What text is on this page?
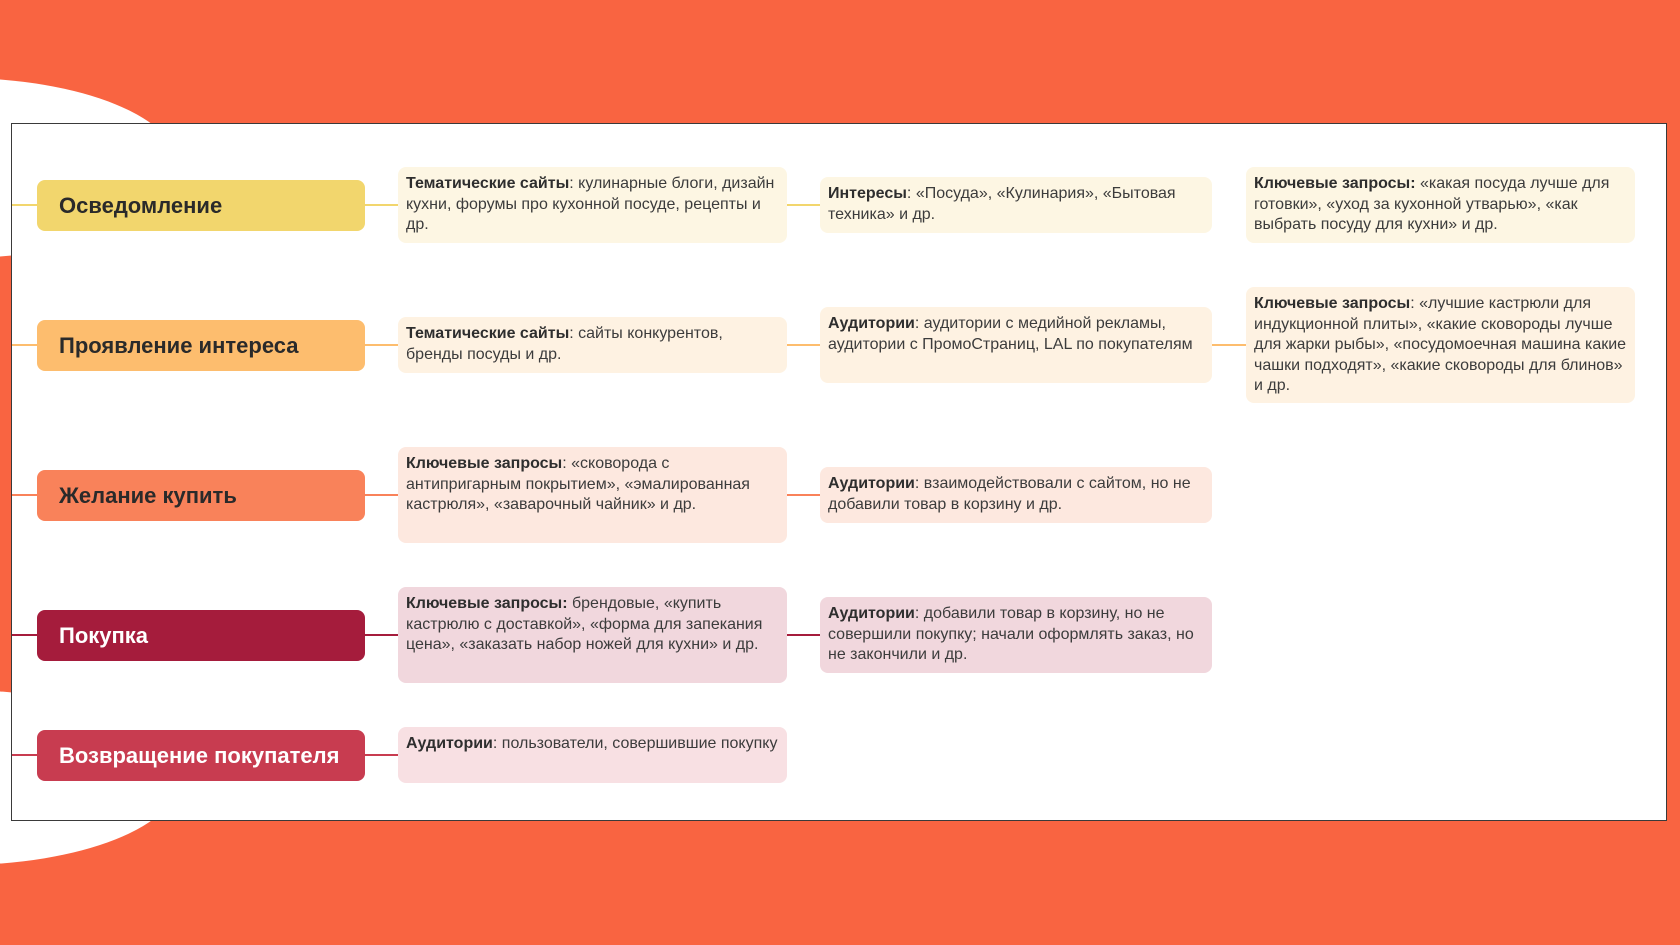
Осведомление
Тематические сайты: кулинарные блоги, дизайн кухни, форумы про кухонной посуде, рецепты и др.
Интересы: «Посуда», «Кулинария», «Бытовая техника» и др.
Ключевые запросы: «какая посуда лучше для готовки», «уход за кухонной утварью», «как выбрать посуду для кухни» и др.
Проявление интереса	Тематические сайты: сайты конкурентов, бренды посуды и др.
Аудитории: аудитории с медийной рекламы, аудитории с ПромоСтраниц, LAL по покупателям
Ключевые запросы: «лучшие кастрюли для индукционной плиты», «какие сковороды лучше для жарки рыбы», «посудомоечная машина какие чашки подходят», «какие сковороды для блинов» и др.
Желание купить
Ключевые запросы: «сковорода с антипригарным покрытием», «эмалированная кастрюля», «заварочный чайник» и др.
Аудитории: взаимодействовали с сайтом, но не добавили товар в корзину и др.
Покупка
Ключевые запросы: брендовые, «купить кастрюлю с доставкой», «форма для запекания цена», «заказать набор ножей для кухни» и др.
Аудитории: добавили товар в корзину, но не совершили покупку; начали оформлять заказ, но не закончили и др.
Возвращение покупателя	Аудитории: пользователи, совершившие покупку
